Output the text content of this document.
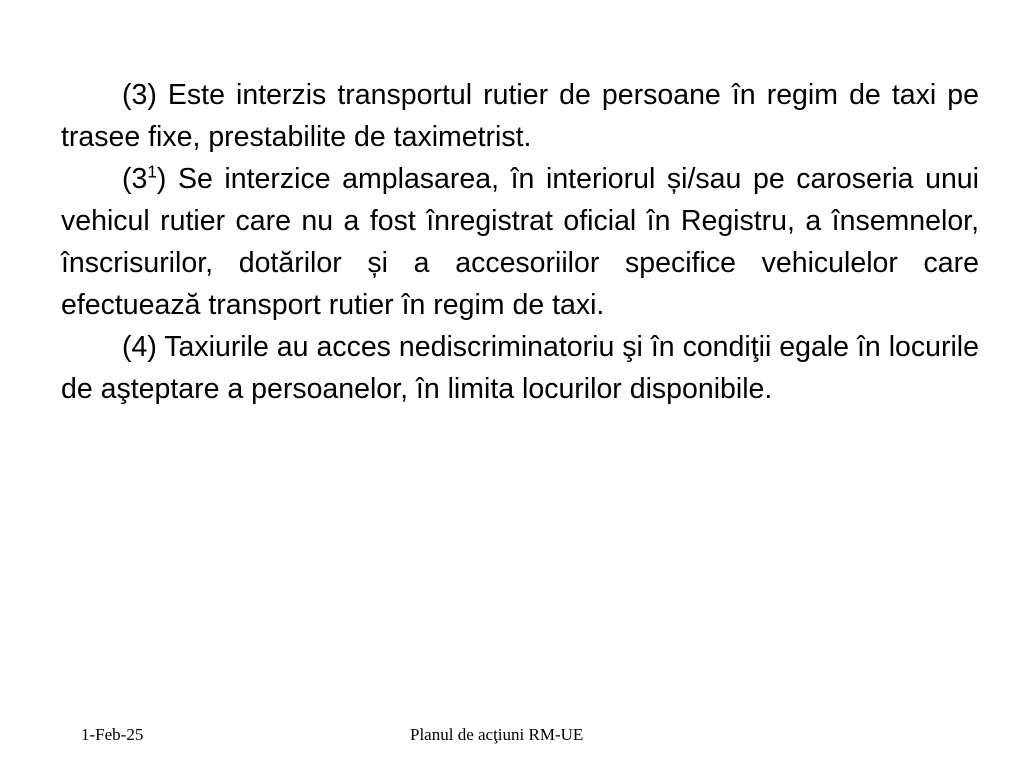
(3) Este interzis transportul rutier de persoane în regim de taxi pe trasee fixe, prestabilite de taximetrist.

$(3^1)$ Se interzice amplasarea, în interiorul și/sau pe caroseria unui vehicul rutier care nu a fost înregistrat oficial în Registru, a însemnelor, înscrisurilor, dotărilor și a accesoriilor specifice vehiculelor care efectuează transport rutier în regim de taxi.

(4) Taxiurile au acces nediscriminatoriu şi în condiţii egale în locurile de aşteptare a persoanelor, în limita locurilor disponibile.

1-Feb-25	Planul de acţiuni RM-UE
